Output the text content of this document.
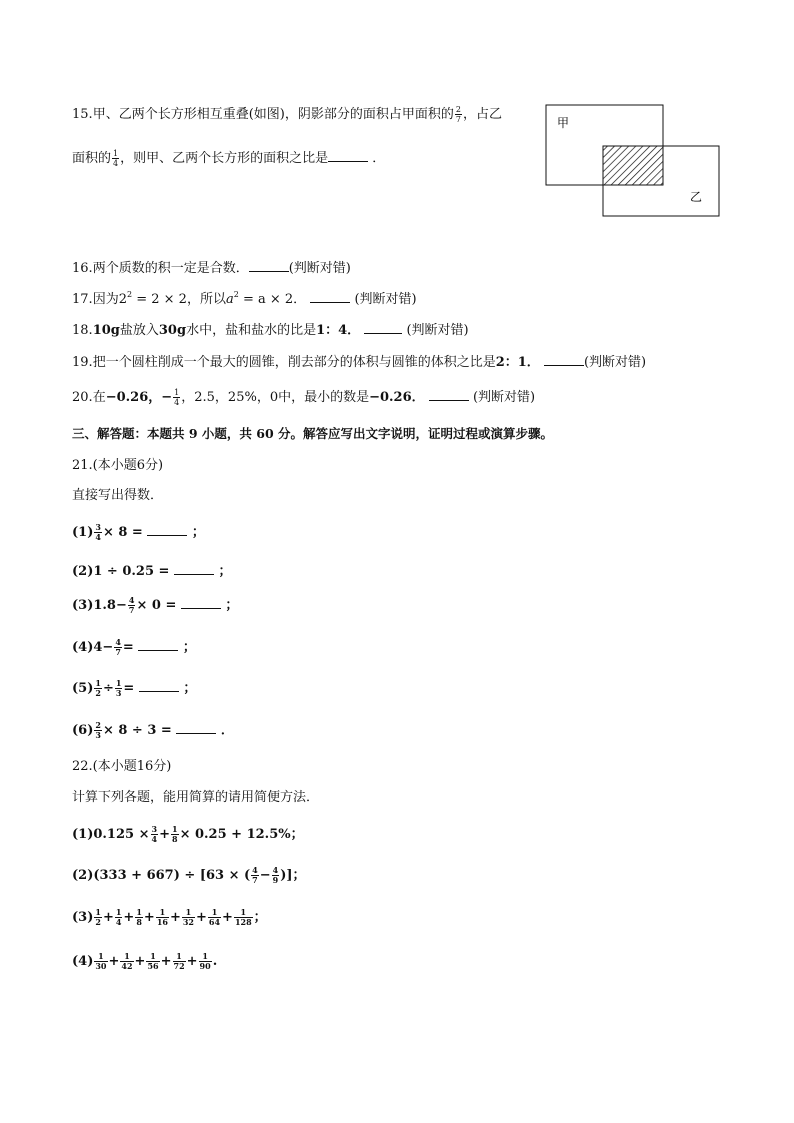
15.甲、乙两个长方形相互重叠(如图)，阴影部分的面积占甲面积的 $\frac{2}{7}$ ，占乙
面积的 $\frac{1}{4}$ ，则甲、乙两个长方形的面积之比是	．
甲
乙
16.两个质数的积一定是合数．	(判断对错)
17.因为$2^2 = 2 \times 2$，所以$a^2 = a \times 2$．	(判断对错)
18.10g盐放入30g水中，盐和盐水的比是1：4．	(判断对错)
19.把一个圆柱削成一个最大的圆锥，削去部分的体积与圆锥的体积之比是2：1．	(判断对错)
20.在−0.26，− $\frac{1}{4}$ ，2.5，25%，0中，最小的数是−0.26．	(判断对错)
三、解答题：本题共 9 小题，共 60 分。解答应写出文字说明，证明过程或演算步骤。
21.(本小题6分)
直接写出得数．
$(1) \frac{3}{4} \times 8$ =	；
(2)1 ÷ 0.25 =	；
$(3)1.8- \frac{4}{7} \times 0$ =	；
$(4)4- \frac{4}{7}$ =	；
$(5) \frac{1}{2} \div \frac{1}{3}$ =	；
$(6) \frac{2}{3} \times 8 \div 3$ =	．
22.(本小题16分)
计算下列各题，能用简算的请用简便方法．
$(1)0.125 \times \frac{3}{4} + \frac{1}{8} \times 0.25 + 12.5\%$；
(2)(333 + 667) ÷ [63 × ( $\frac{4}{7} - \frac{4}{9}$ )]；
$(3) \frac{1}{2} + \frac{1}{4} + \frac{1}{8} + \frac{1}{16} + \frac{1}{32} + \frac{1}{64} + \frac{1}{128}$ ；
$(4) \frac{1}{30} + \frac{1}{42} + \frac{1}{56} + \frac{1}{72} + \frac{1}{90}$ .
